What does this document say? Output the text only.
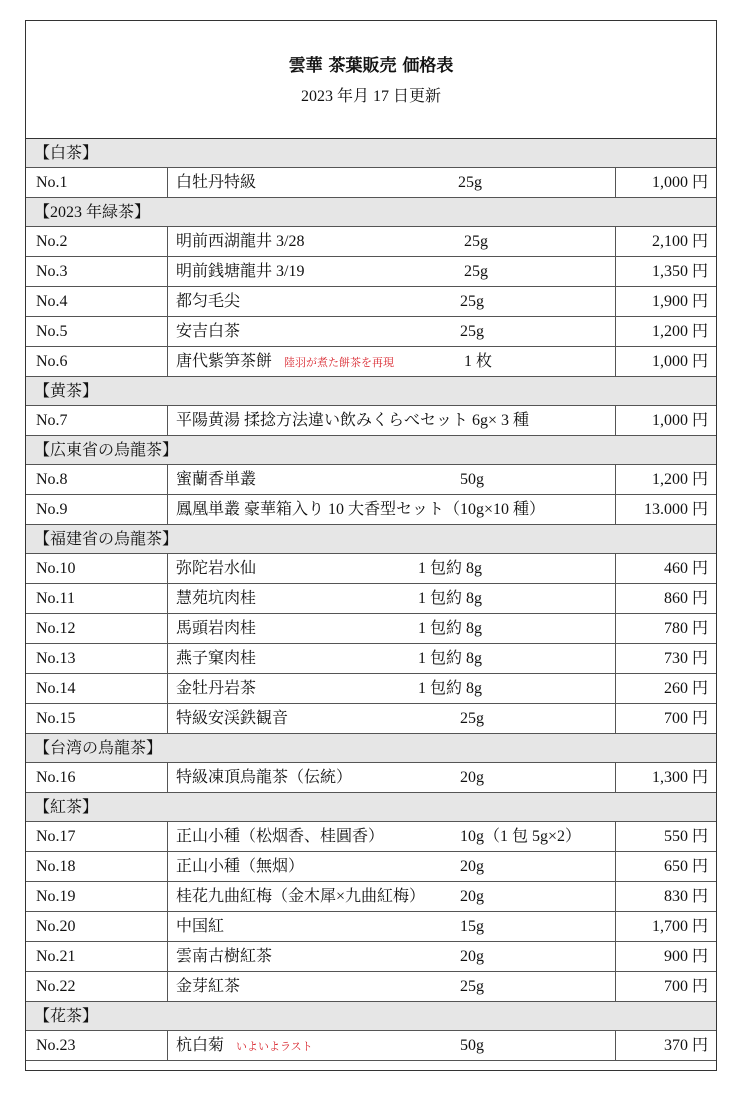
雲華 茶葉販売 価格表
2023 年月 17 日更新
【白茶】
No.1	白牡丹特級	25g	1,000 円
【2023 年緑茶】
No.2	明前西湖龍井 3/28	25g	2,100 円
No.3	明前銭塘龍井 3/19	25g	1,350 円
No.4	都匀毛尖	25g	1,900 円
No.5	安吉白茶	25g	1,200 円
No.6	唐代紫笋茶餅 陸羽が煮た餅茶を再現	1 枚	1,000 円
【黄茶】
No.7	平陽黄湯 揉捻方法違い飲みくらべセット 6g× 3 種	1,000 円
【広東省の烏龍茶】
No.8	蜜蘭香単叢	50g	1,200 円
No.9	鳳凰単叢 豪華箱入り 10 大香型セット（10g×10 種）	13.000 円
【福建省の烏龍茶】
No.10	弥陀岩水仙	1 包約 8g	460 円
No.11	慧苑坑肉桂	1 包約 8g	860 円
No.12	馬頭岩肉桂	1 包約 8g	780 円
No.13	燕子窠肉桂	1 包約 8g	730 円
No.14	金牡丹岩茶	1 包約 8g	260 円
No.15	特級安渓鉄観音	25g	700 円
【台湾の烏龍茶】
No.16	特級凍頂烏龍茶（伝統）	20g	1,300 円
【紅茶】
No.17	正山小種（松烟香、桂圓香）	10g（1 包 5g×2）	550 円
No.18	正山小種（無烟）	20g	650 円
No.19	桂花九曲紅梅（金木犀×九曲紅梅） 20g	830 円
No.20	中国紅	15g	1,700 円
No.21	雲南古樹紅茶	20g	900 円
No.22	金芽紅茶	25g	700 円
【花茶】
No.23	杭白菊 いよいよラスト	50g	370 円
